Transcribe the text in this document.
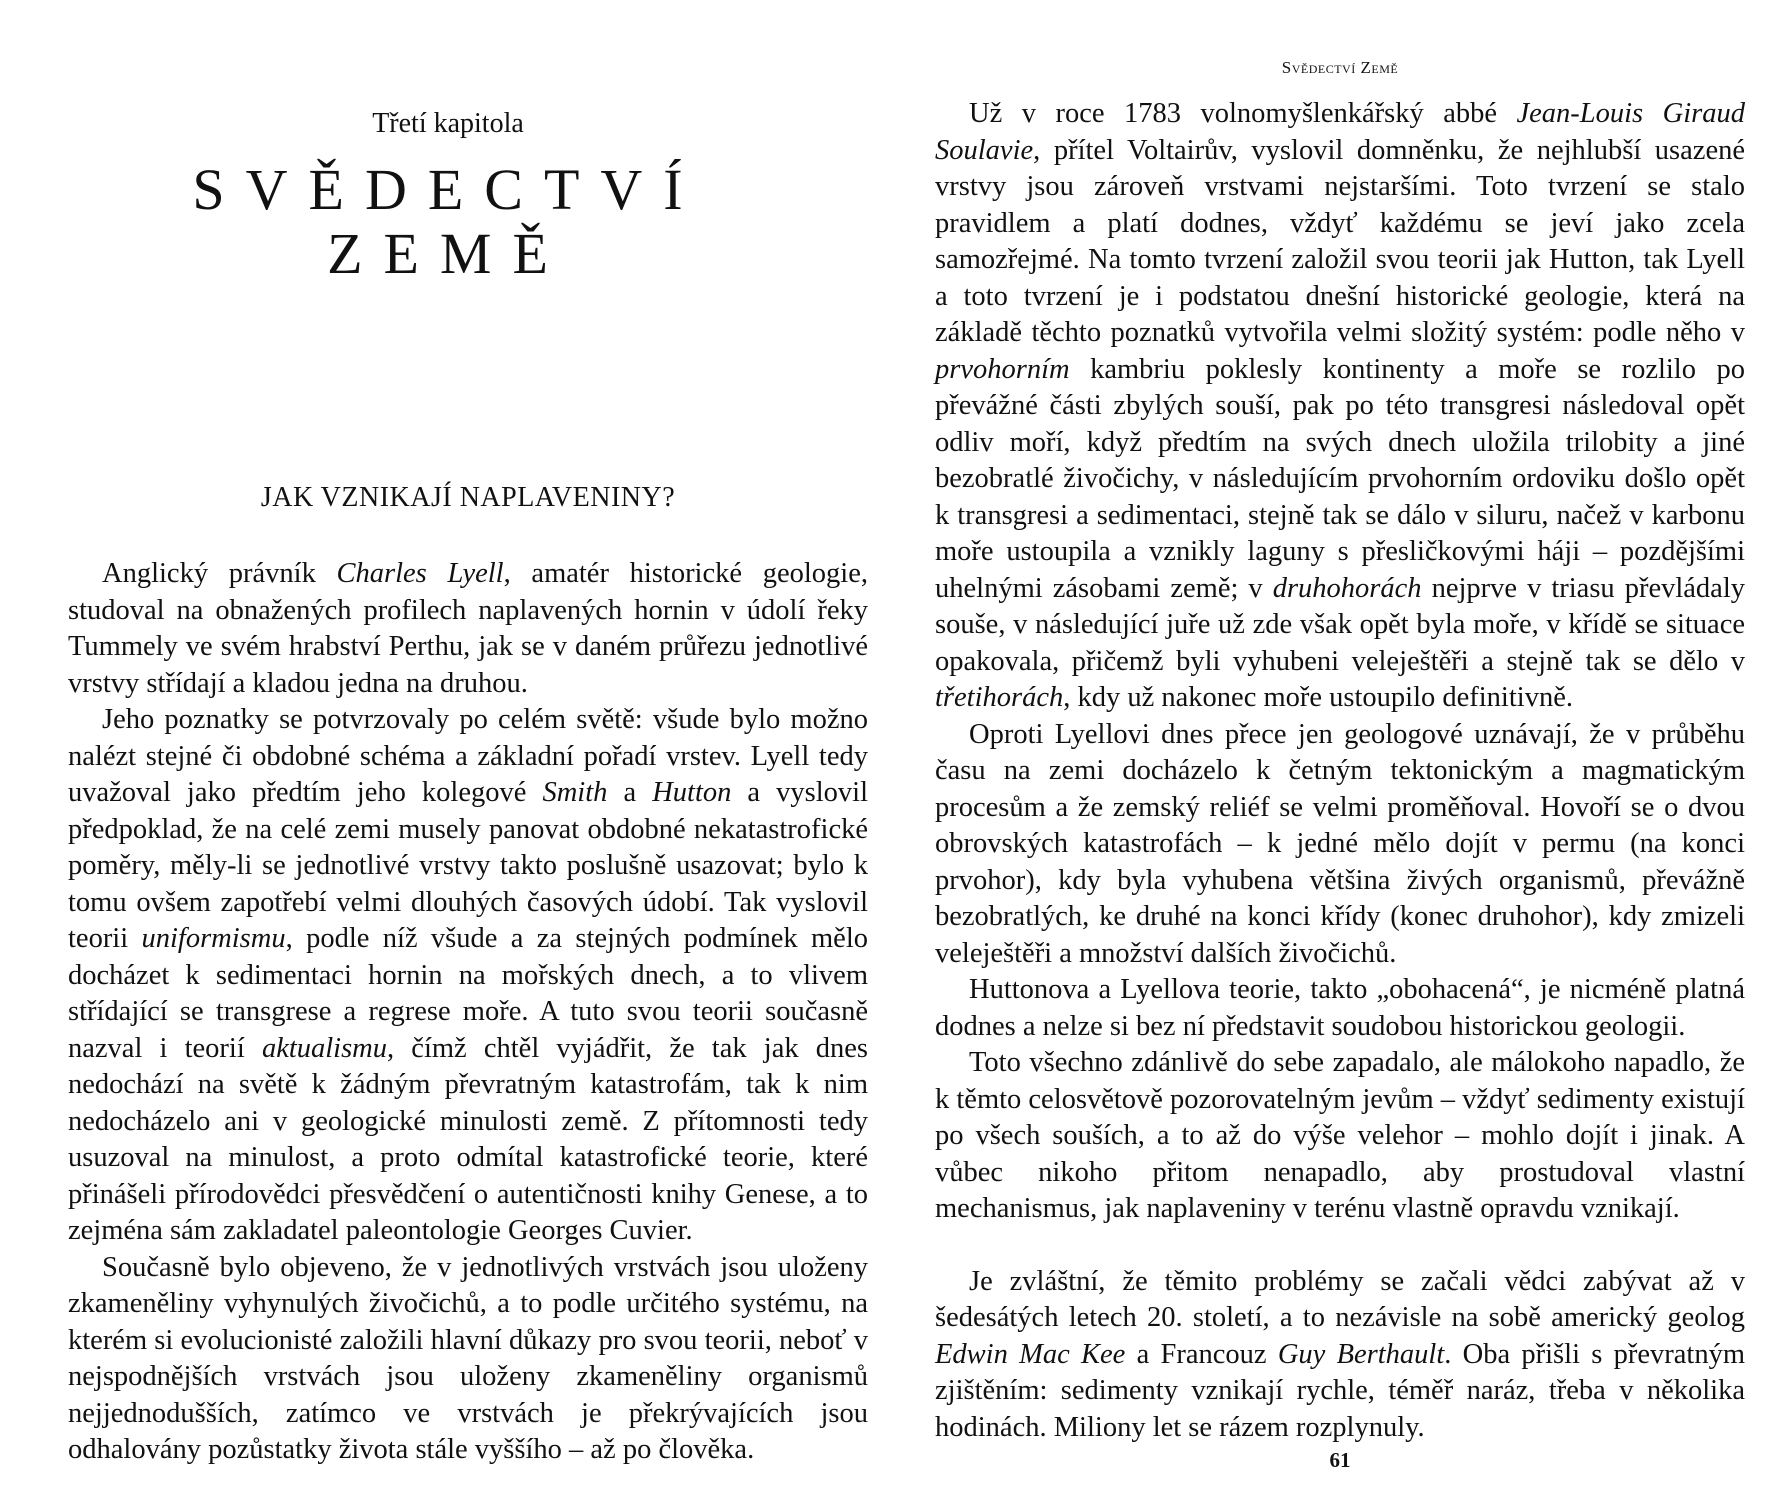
Třetí kapitola
SVĚDECTVÍ ZEMĚ
JAK VZNIKAJÍ NAPLAVENINY?

Anglický právník Charles Lyell, amatér historické geologie, studoval na obnažených profilech naplavených hornin v údolí řeky Tummely ve svém hrabství Perthu, jak se v daném průřezu jednotlivé vrstvy střídají a kladou jedna na druhou.

Jeho poznatky se potvrzovaly po celém světě: všude bylo možno nalézt stejné či obdobné schéma a základní pořadí vrstev. Lyell tedy uvažoval jako předtím jeho kolegové Smith a Hutton a vyslovil předpoklad, že na celé zemi musely panovat obdobné nekatastrofické poměry, měly-li se jednotlivé vrstvy takto poslušně usazovat; bylo k tomu ovšem zapotřebí velmi dlouhých časových údobí. Tak vyslovil teorii uniformismu, podle níž všude a za stejných podmínek mělo docházet k sedimentaci hornin na mořských dnech, a to vlivem střídající se transgrese a regrese moře. A tuto svou teorii současně nazval i teorií aktualismu, čímž chtěl vyjádřit, že tak jak dnes nedochází na světě k žádným převratným katastrofám, tak k nim nedocházelo ani v geologické minulosti země. Z přítomnosti tedy usuzoval na minulost, a proto odmítal katastrofické teorie, které přinášeli přírodovědci přesvědčení o autentičnosti knihy Genese, a to zejména sám zakladatel paleontologie Georges Cuvier.

Současně bylo objeveno, že v jednotlivých vrstvách jsou uloženy zkameněliny vyhynulých živočichů, a to podle určitého systému, na kterém si evolucionisté založili hlavní důkazy pro svou teorii, neboť v nejspodnějších vrstvách jsou uloženy zkameněliny organismů nejjednodušších, zatímco ve vrstvách je překrývajících jsou odhalovány pozůstatky života stále vyššího – až po člověka.

Svědectví Země

Už v roce 1783 volnomyšlenkářský abbé Jean-Louis Giraud Soulavie, přítel Voltairův, vyslovil domněnku, že nejhlubší usazené vrstvy jsou zároveň vrstvami nejstaršími. Toto tvrzení se stalo pravidlem a platí dodnes, vždyť každému se jeví jako zcela samozřejmé. Na tomto tvrzení založil svou teorii jak Hutton, tak Lyell a toto tvrzení je i podstatou dnešní historické geologie, která na základě těchto poznatků vytvořila velmi složitý systém: podle něho v prvohorním kambriu poklesly kontinenty a moře se rozlilo po převážné části zbylých souší, pak po této transgresi následoval opět odliv moří, když předtím na svých dnech uložila trilobity a jiné bezobratlé živočichy, v následujícím prvohorním ordoviku došlo opět k transgresi a sedimentaci, stejně tak se dálo v siluru, načež v karbonu moře ustoupila a vznikly laguny s přesličkovými háji – pozdějšími uhelnými zásobami země; v druhohorách nejprve v triasu převládaly souše, v následující juře už zde však opět byla moře, v křídě se situace opakovala, přičemž byli vyhubeni veleještěři a stejně tak se dělo v třetihorách, kdy už nakonec moře ustoupilo definitivně.

Oproti Lyellovi dnes přece jen geologové uznávají, že v průběhu času na zemi docházelo k četným tektonickým a magmatickým procesům a že zemský reliéf se velmi proměňoval. Hovoří se o dvou obrovských katastrofách – k jedné mělo dojít v permu (na konci prvohor), kdy byla vyhubena většina živých organismů, převážně bezobratlých, ke druhé na konci křídy (konec druhohor), kdy zmizeli veleještěři a množství dalších živočichů.

Huttonova a Lyellova teorie, takto „obohacená“, je nicméně platná dodnes a nelze si bez ní představit soudobou historickou geologii.

Toto všechno zdánlivě do sebe zapadalo, ale málokoho napadlo, že k těmto celosvětově pozorovatelným jevům – vždyť sedimenty existují po všech souších, a to až do výše velehor – mohlo dojít i jinak. A vůbec nikoho přitom nenapadlo, aby prostudoval vlastní mechanismus, jak naplaveniny v terénu vlastně opravdu vznikají.

Je zvláštní, že těmito problémy se začali vědci zabývat až v šedesátých letech 20. století, a to nezávisle na sobě americký geolog Edwin Mac Kee a Francouz Guy Berthault. Oba přišli s převratným zjištěním: sedimenty vznikají rychle, téměř naráz, třeba v několika hodinách. Miliony let se rázem rozplynuly.

61
